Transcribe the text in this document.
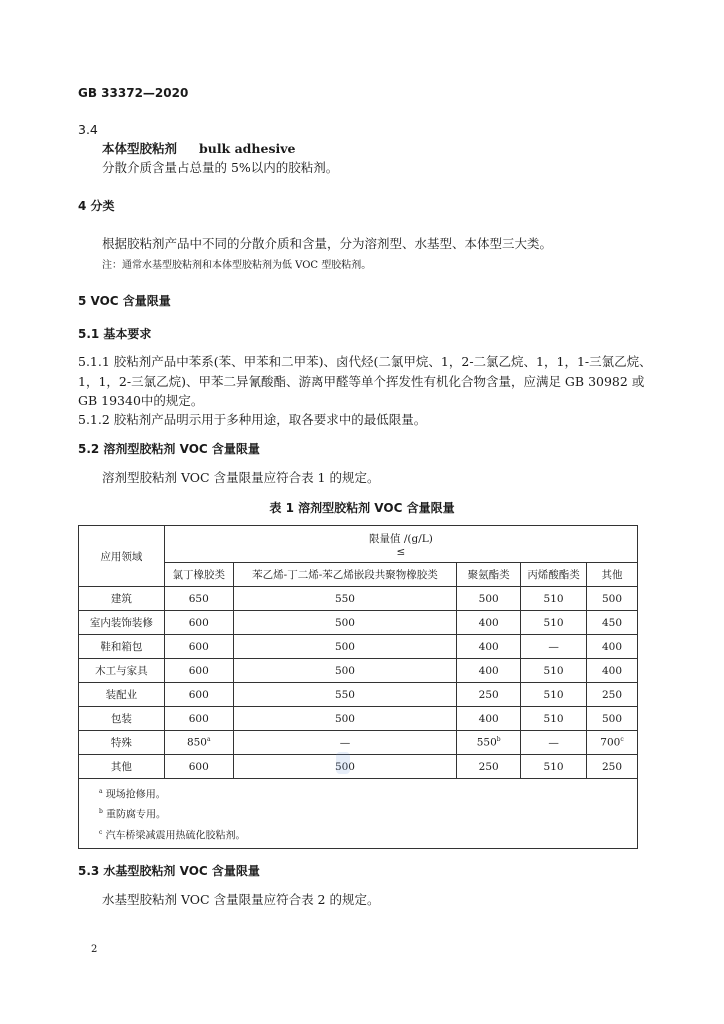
GB 33372—2020
3.4
本体型胶粘剂 bulk adhesive
分散介质含量占总量的 5%以内的胶粘剂。
4 分类
根据胶粘剂产品中不同的分散介质和含量，分为溶剂型、水基型、本体型三大类。
注：通常水基型胶粘剂和本体型胶粘剂为低 VOC 型胶粘剂。
5 VOC 含量限量
5.1 基本要求
5.1.1 胶粘剂产品中苯系(苯、甲苯和二甲苯)、卤代烃(二氯甲烷、1，2-二氯乙烷、1，1，1-三氯乙烷、
1，1，2-三氯乙烷)、甲苯二异氰酸酯、游离甲醛等单个挥发性有机化合物含量，应满足 GB 30982 或
GB 19340中的规定。
5.1.2 胶粘剂产品明示用于多种用途，取各要求中的最低限量。
5.2 溶剂型胶粘剂 VOC 含量限量
溶剂型胶粘剂 VOC 含量限量应符合表 1 的规定。
表 1 溶剂型胶粘剂 VOC 含量限量
应用领域	限量值 /(g/L)
≤				

	氯丁橡胶类	苯乙烯-丁二烯-苯乙烯嵌段共聚物橡胶类	聚氨酯类	丙烯酸酯类	其他
建筑	650	550	500	510	500
室内装饰装修	600	500	400	510	450
鞋和箱包	600	500	400	—	400
木工与家具	600	500	400	510	400
装配业	600	550	250	510	250
包装	600	500	400	510	500
特殊	850$^a$	—	550$^b$	—	700$^c$
其他	600	500	250	510	250

$^a$ 现场抢修用。
$^b$ 重防腐专用。
$^c$ 汽车桥梁减震用热硫化胶粘剂。					
5.3 水基型胶粘剂 VOC 含量限量
水基型胶粘剂 VOC 含量限量应符合表 2 的规定。
2
